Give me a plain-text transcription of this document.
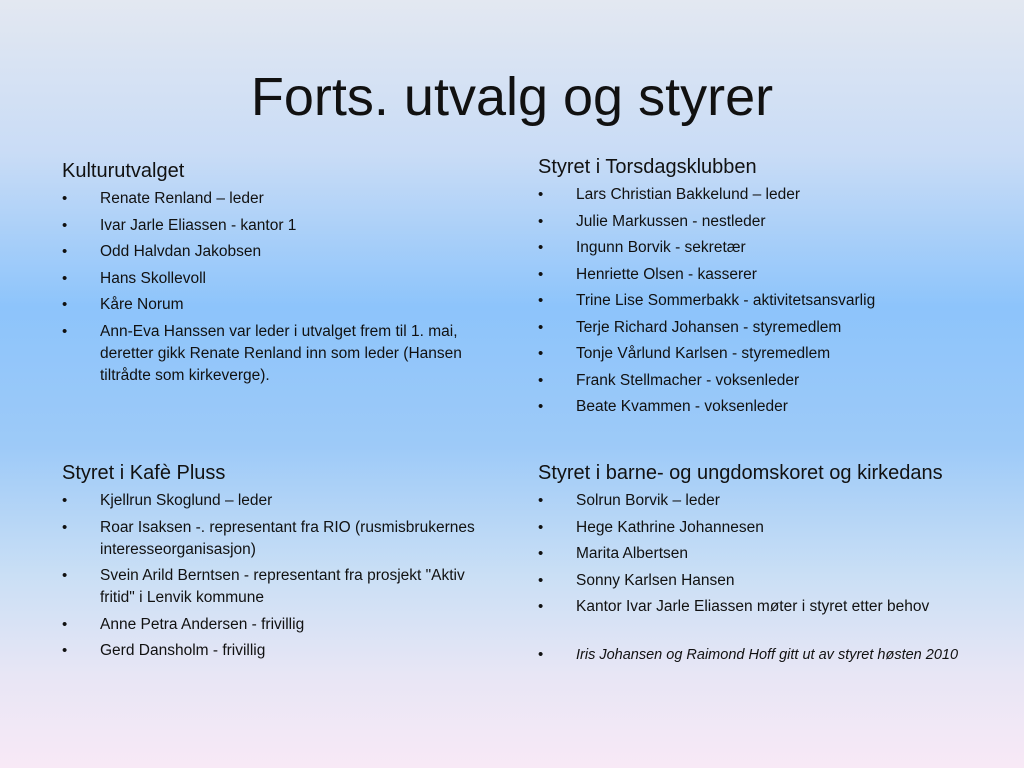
Forts. utvalg og styrer
Kulturutvalget
•	Renate Renland – leder
•	Ivar Jarle Eliassen - kantor 1
•	Odd Halvdan Jakobsen
•	Hans Skollevoll
•	Kåre Norum
•	Ann-Eva Hanssen var leder i utvalget frem til 1. mai, deretter gikk Renate Renland inn som leder (Hansen tiltrådte som kirkeverge).
Styret i Torsdagsklubben
•	Lars Christian Bakkelund – leder
•	Julie Markussen - nestleder
•	Ingunn Borvik - sekretær
•	Henriette Olsen - kasserer
•	Trine Lise Sommerbakk - aktivitetsansvarlig
•	Terje Richard Johansen - styremedlem
•	Tonje Vårlund Karlsen - styremedlem
•	Frank Stellmacher - voksenleder
•	Beate Kvammen - voksenleder
Styret i Kafè Pluss
•	Kjellrun Skoglund – leder
•	Roar Isaksen -. representant fra RIO (rusmisbrukernes interesseorganisasjon)
•	Svein Arild Berntsen - representant fra prosjekt "Aktiv fritid" i Lenvik kommune
•	Anne Petra Andersen - frivillig
•	Gerd Dansholm - frivillig
Styret i barne- og ungdomskoret og kirkedans
•	Solrun Borvik – leder
•	Hege Kathrine Johannesen
•	Marita Albertsen
•	Sonny Karlsen Hansen
•	Kantor Ivar Jarle Eliassen møter i styret etter behov
•	Iris Johansen og Raimond Hoff gitt ut av styret høsten 2010
